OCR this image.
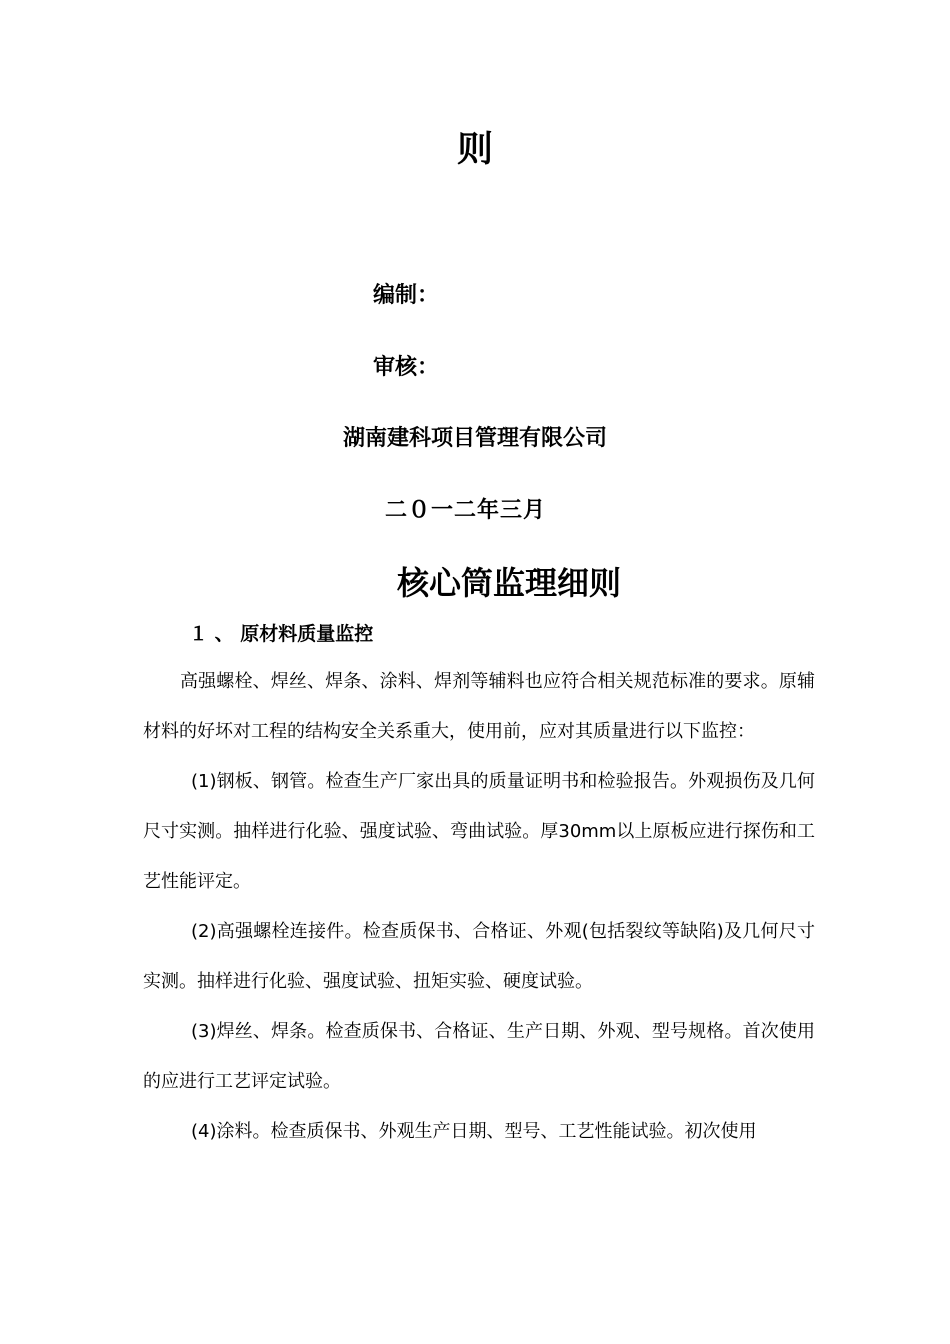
则
编制：
审核：
湖南建科项目管理有限公司
二０一二年三月
核心筒监理细则
１ 、 原材料质量监控

高强螺栓、焊丝、焊条、涂料、焊剂等辅料也应符合相关规范标准的要求。原辅材料的好坏对工程的结构安全关系重大，使用前，应对其质量进行以下监控：

(1)钢板、钢管。检查生产厂家出具的质量证明书和检验报告。外观损伤及几何尺寸实测。抽样进行化验、强度试验、弯曲试验。厚30mm以上原板应进行探伤和工艺性能评定。

(2)高强螺栓连接件。检查质保书、合格证、外观(包括裂纹等缺陷)及几何尺寸实测。抽样进行化验、强度试验、扭矩实验、硬度试验。

(3)焊丝、焊条。检查质保书、合格证、生产日期、外观、型号规格。首次使用的应进行工艺评定试验。

(4)涂料。检查质保书、外观生产日期、型号、工艺性能试验。初次使用
